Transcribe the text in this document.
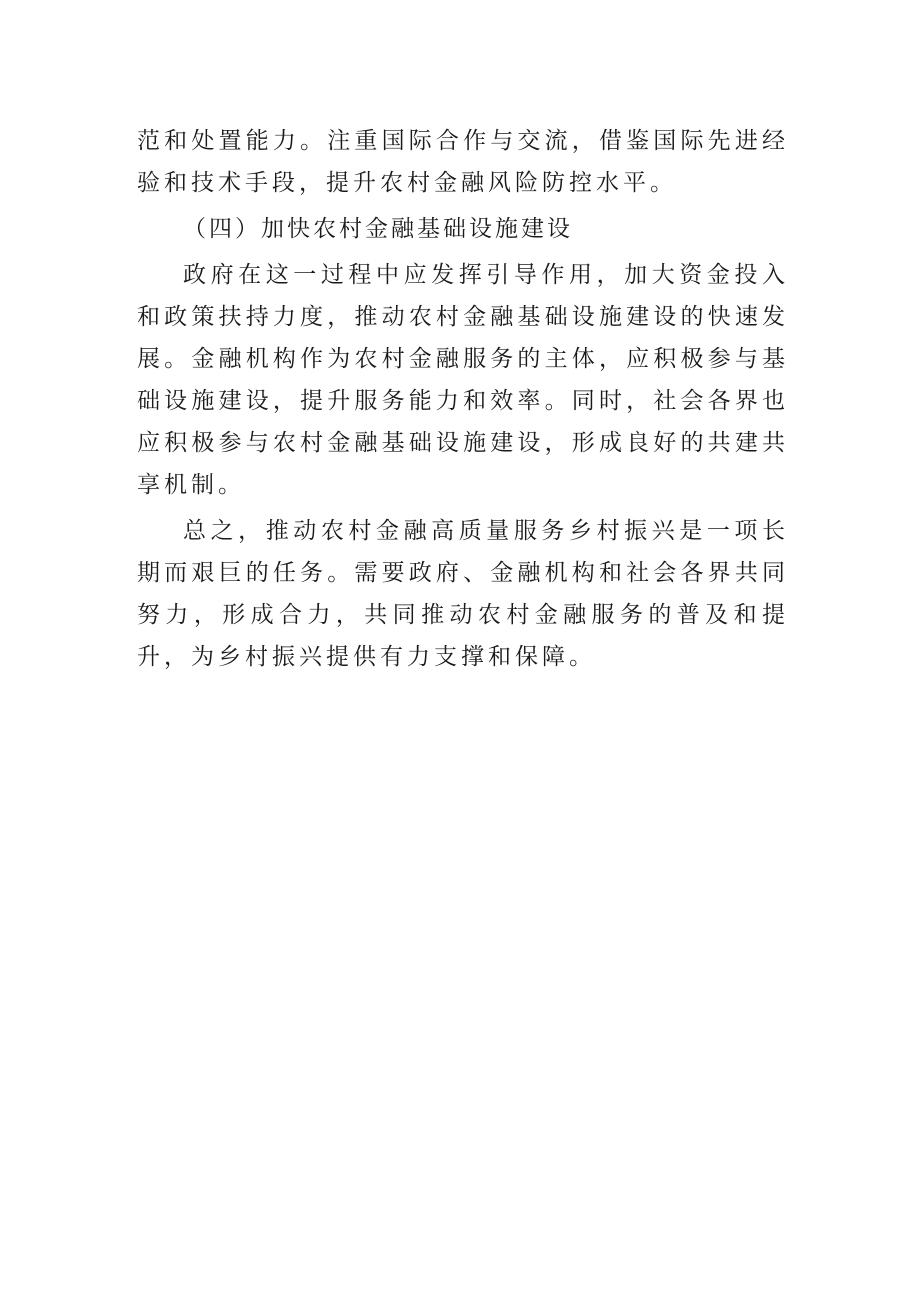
范和处置能力。注重国际合作与交流，借鉴国际先进经验和技术手段，提升农村金融风险防控水平。

（四）加快农村金融基础设施建设

政府在这一过程中应发挥引导作用，加大资金投入和政策扶持力度，推动农村金融基础设施建设的快速发展。金融机构作为农村金融服务的主体，应积极参与基础设施建设，提升服务能力和效率。同时，社会各界也应积极参与农村金融基础设施建设，形成良好的共建共享机制。

总之，推动农村金融高质量服务乡村振兴是一项长期而艰巨的任务。需要政府、金融机构和社会各界共同努力，形成合力，共同推动农村金融服务的普及和提升，为乡村振兴提供有力支撑和保障。
